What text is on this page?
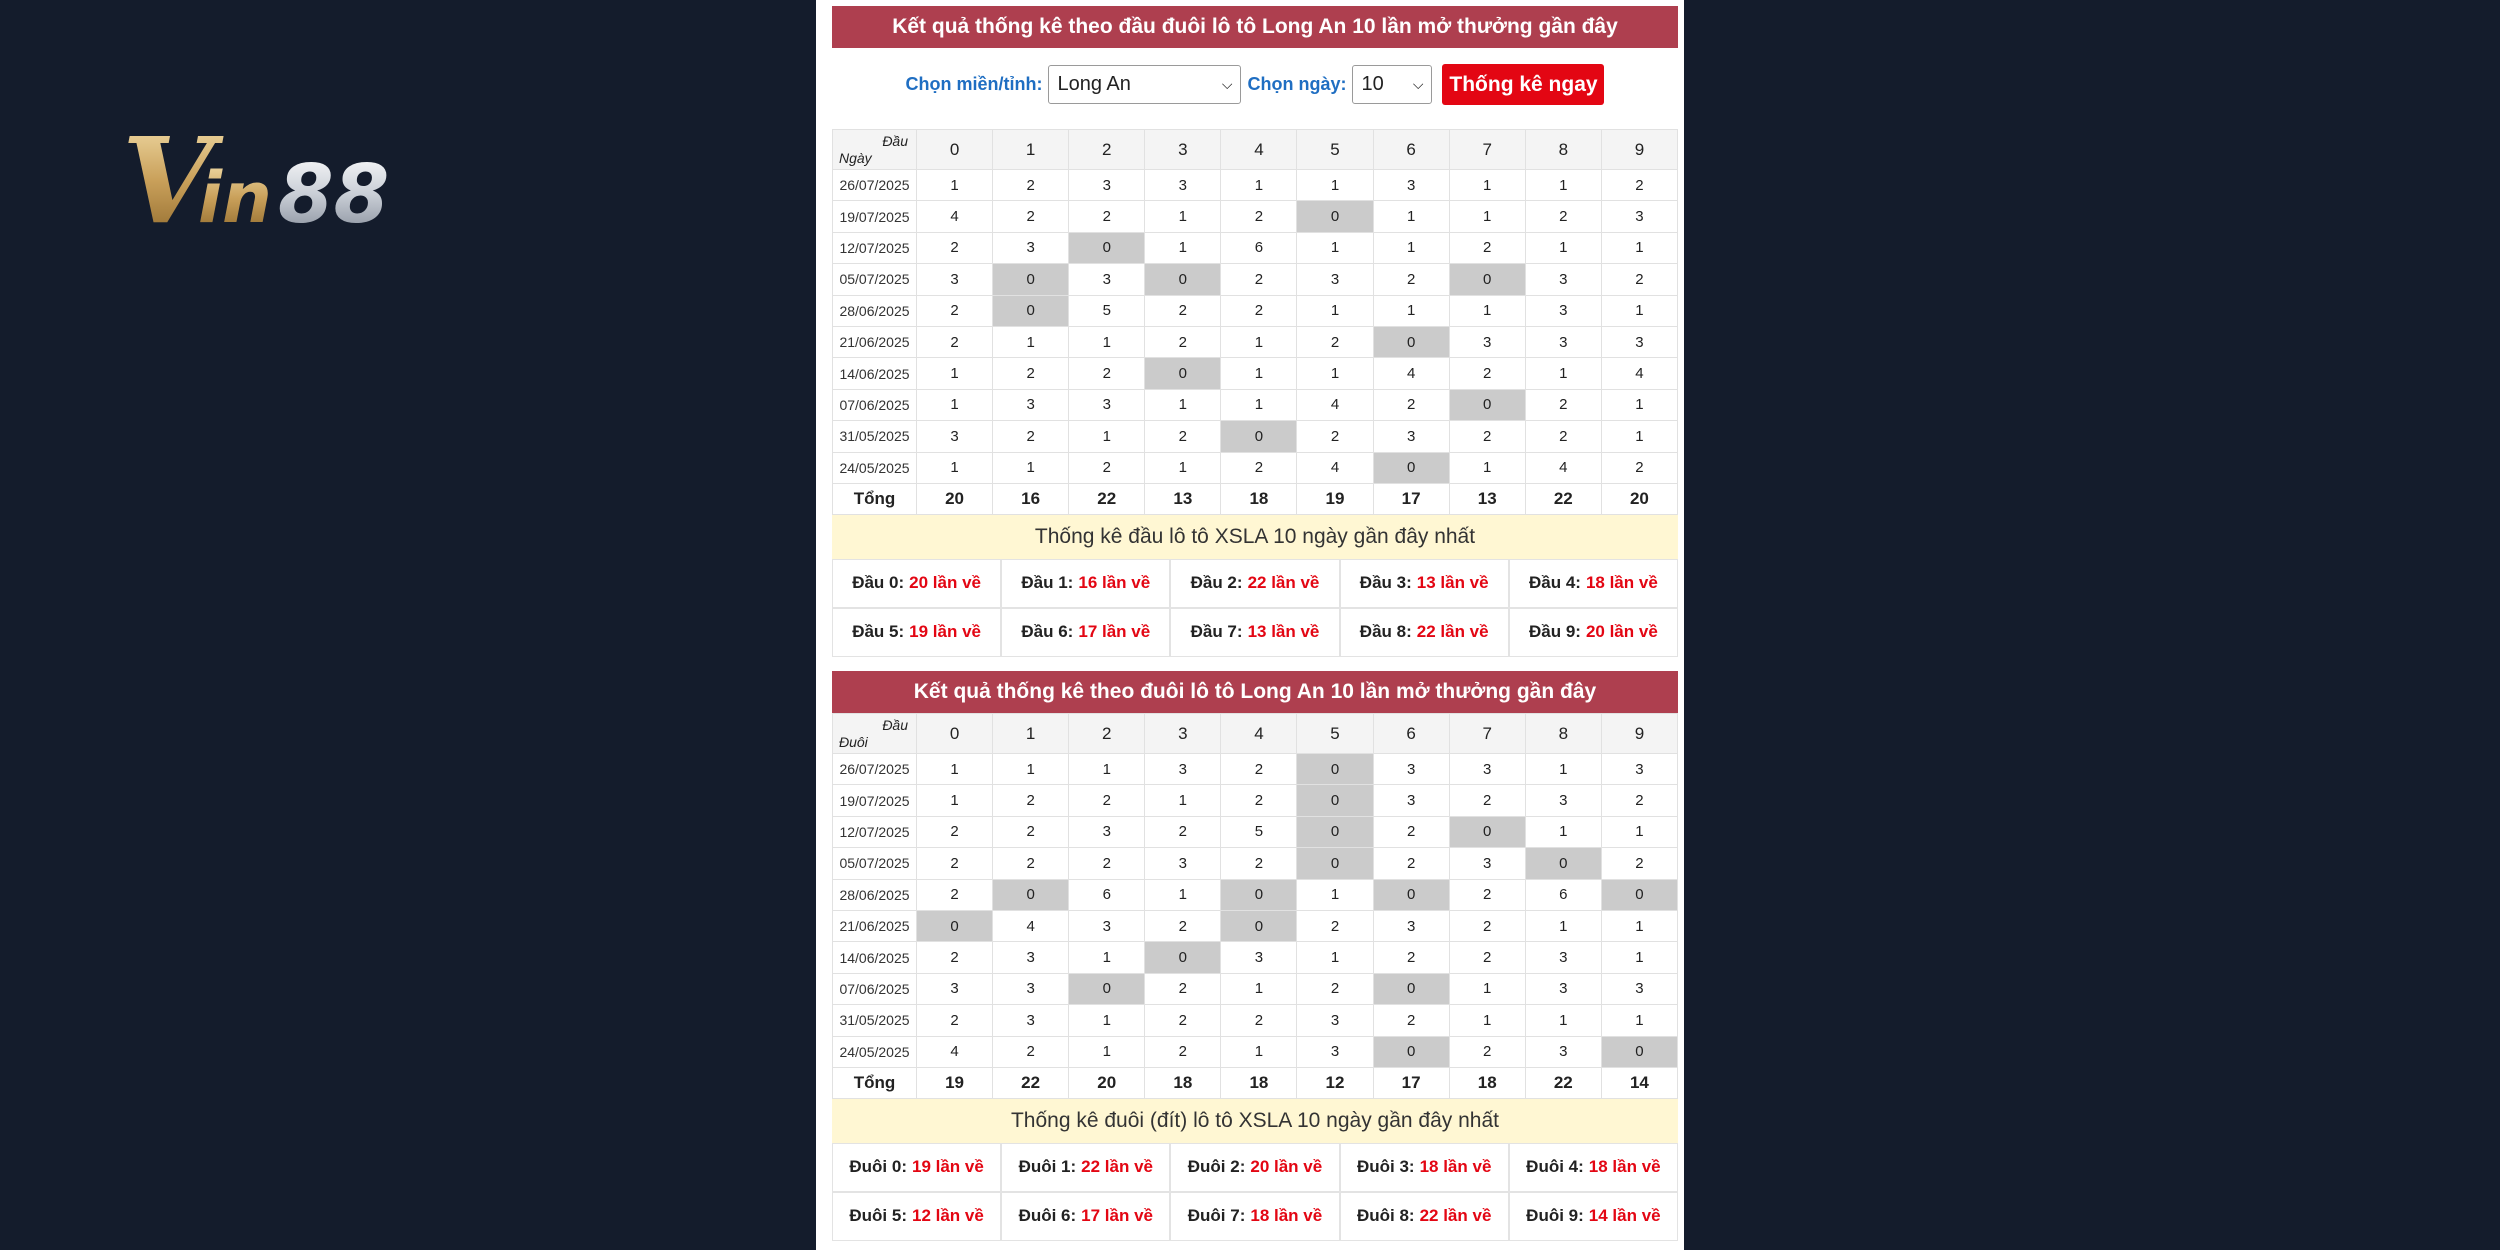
V
in 88
Kết quả thống kê theo đầu đuôi lô tô Long An 10 lần mở thưởng gần đây
Chọn miền/tỉnh: Long An	⌵ Chọn ngày: 10 ⌵	Thống kê ngay
Đầu
Ngày	0	1	2	3	4	5	6	7	8	9
26/07/2025	1	2	3	3	1	1	3	1	1	2
19/07/2025	4	2	2	1	2	0	1	1	2	3
12/07/2025	2	3	0	1	6	1	1	2	1	1
05/07/2025	3	0	3	0	2	3	2	0	3	2
28/06/2025	2	0	5	2	2	1	1	1	3	1
21/06/2025	2	1	1	2	1	2	0	3	3	3
14/06/2025	1	2	2	0	1	1	4	2	1	4
07/06/2025	1	3	3	1	1	4	2	0	2	1
31/05/2025	3	2	1	2	0	2	3	2	2	1
24/05/2025	1	1	2	1	2	4	0	1	4	2
Tổng	20	16	22	13	18	19	17	13	22	20
Thống kê đầu lô tô XSLA 10 ngày gần đây nhất
Đầu 0: 20 lần về Đầu 1: 16 lần về Đầu 2: 22 lần về Đầu 3: 13 lần về Đầu 4: 18 lần về
Đầu 5: 19 lần về Đầu 6: 17 lần về Đầu 7: 13 lần về Đầu 8: 22 lần về Đầu 9: 20 lần về
Kết quả thống kê theo đuôi lô tô Long An 10 lần mở thưởng gần đây
Đầu
Đuôi	0	1	2	3	4	5	6	7	8	9
26/07/2025	1	1	1	3	2	0	3	3	1	3
19/07/2025	1	2	2	1	2	0	3	2	3	2
12/07/2025	2	2	3	2	5	0	2	0	1	1
05/07/2025	2	2	2	3	2	0	2	3	0	2
28/06/2025	2	0	6	1	0	1	0	2	6	0
21/06/2025	0	4	3	2	0	2	3	2	1	1
14/06/2025	2	3	1	0	3	1	2	2	3	1
07/06/2025	3	3	0	2	1	2	0	1	3	3
31/05/2025	2	3	1	2	2	3	2	1	1	1
24/05/2025	4	2	1	2	1	3	0	2	3	0
Tổng	19	22	20	18	18	12	17	18	22	14
Thống kê đuôi (đít) lô tô XSLA 10 ngày gần đây nhất
Đuôi 0: 19 lần về Đuôi 1: 22 lần về Đuôi 2: 20 lần về Đuôi 3: 18 lần về Đuôi 4: 18 lần về
Đuôi 5: 12 lần về Đuôi 6: 17 lần về Đuôi 7: 18 lần về Đuôi 8: 22 lần về Đuôi 9: 14 lần về
